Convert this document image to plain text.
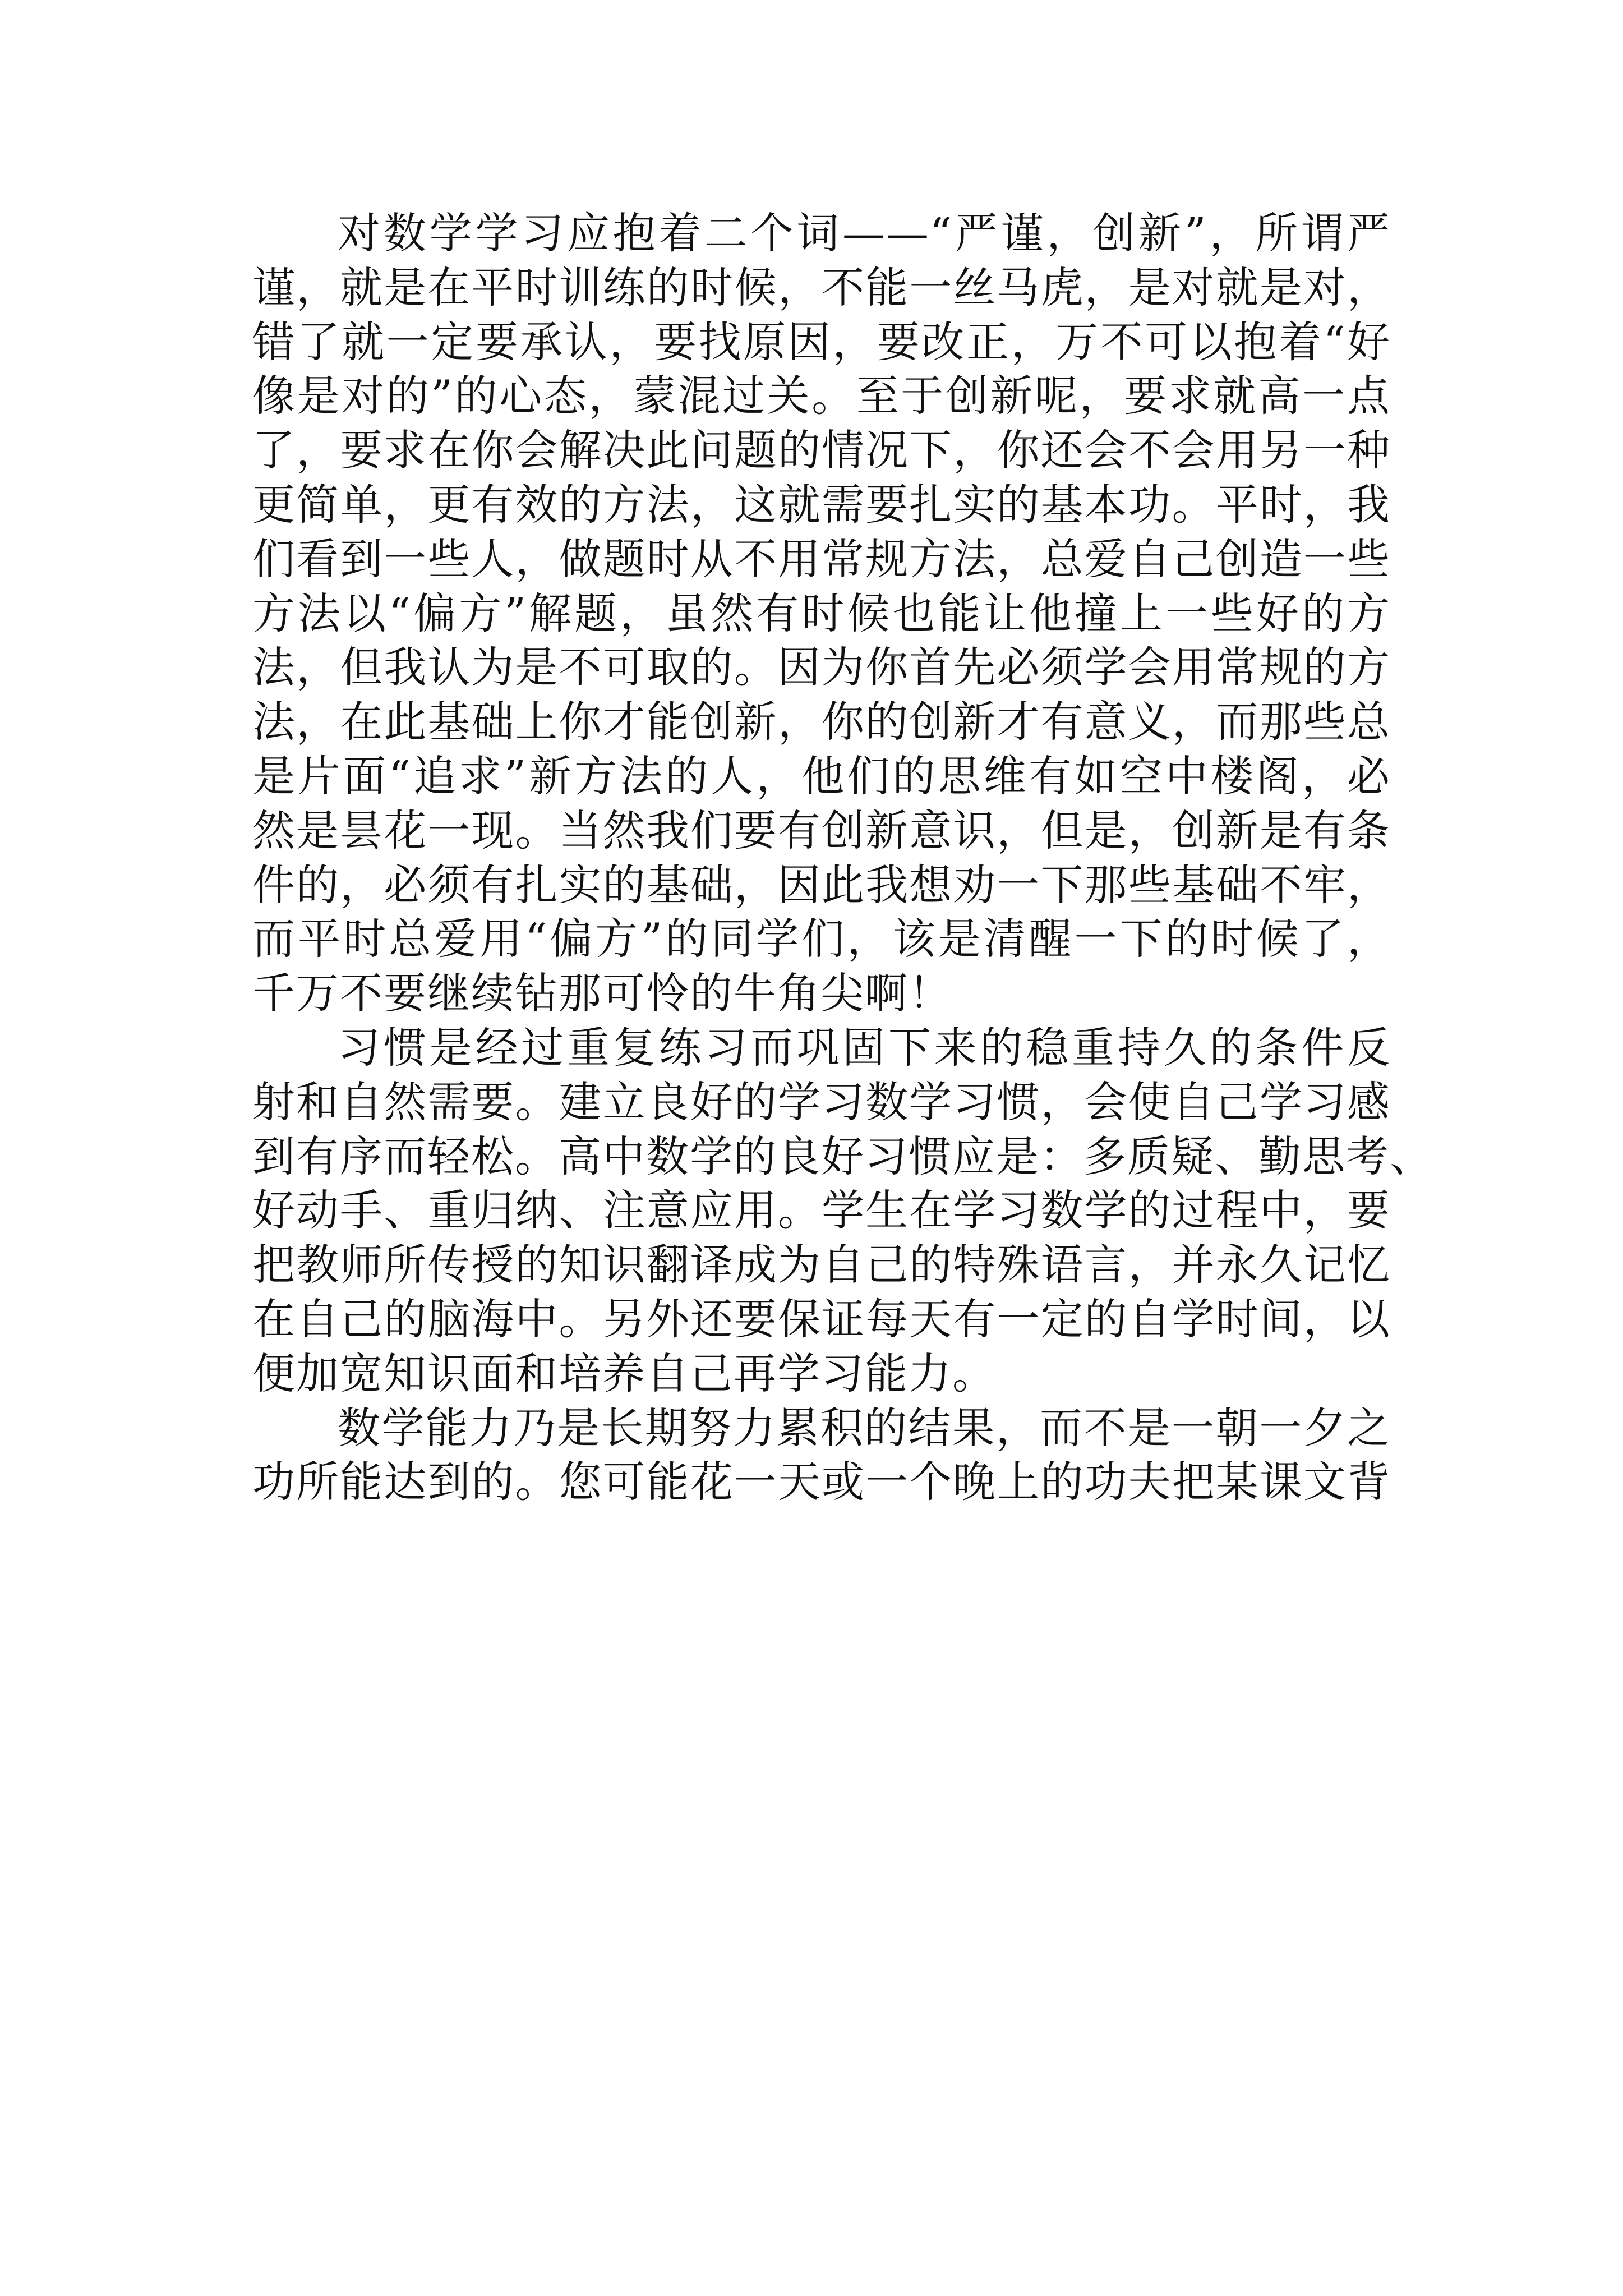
对数学学习应抱着二个词——“严谨，创新”，所谓严
谨，就是在平时训练的时候，不能一丝马虎，是对就是对，
错了就一定要承认，要找原因，要改正，万不可以抱着“好
像是对的”的心态，蒙混过关。至于创新呢，要求就高一点
了，要求在你会解决此问题的情况下，你还会不会用另一种
更简单，更有效的方法，这就需要扎实的基本功。平时，我
们看到一些人，做题时从不用常规方法，总爱自己创造一些
方法以“偏方”解题，虽然有时候也能让他撞上一些好的方
法，但我认为是不可取的。因为你首先必须学会用常规的方
法，在此基础上你才能创新，你的创新才有意义，而那些总
是片面“追求”新方法的人，他们的思维有如空中楼阁，必
然是昙花一现。当然我们要有创新意识，但是，创新是有条
件的，必须有扎实的基础，因此我想劝一下那些基础不牢，
而平时总爱用“偏方”的同学们，该是清醒一下的时候了，
千万不要继续钻那可怜的牛角尖啊！
习惯是经过重复练习而巩固下来的稳重持久的条件反
射和自然需要。建立良好的学习数学习惯，会使自己学习感
到有序而轻松。高中数学的良好习惯应是：多质疑、勤思考、
好动手、重归纳、注意应用。学生在学习数学的过程中，要
把教师所传授的知识翻译成为自己的特殊语言，并永久记忆
在自己的脑海中。另外还要保证每天有一定的自学时间，以
便加宽知识面和培养自己再学习能力。
数学能力乃是长期努力累积的结果，而不是一朝一夕之
功所能达到的。您可能花一天或一个晚上的功夫把某课文背
